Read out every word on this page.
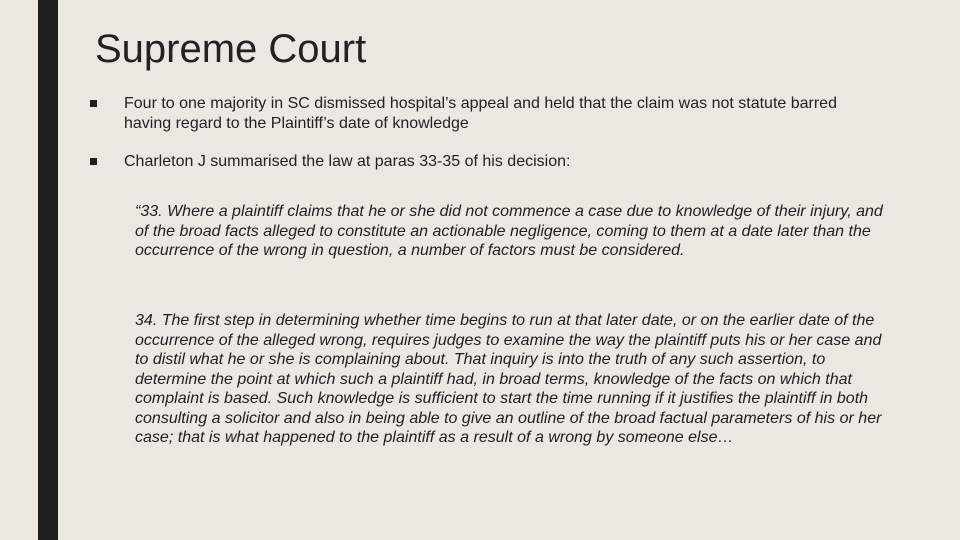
Supreme Court
Four to one majority in SC dismissed hospital’s appeal and held that the claim was not statute barred having regard to the Plaintiff’s date of knowledge
Charleton J summarised the law at paras 33-35 of his decision:
“33. Where a plaintiff claims that he or she did not commence a case due to knowledge of their injury, and of the broad facts alleged to constitute an actionable negligence, coming to them at a date later than the occurrence of the wrong in question, a number of factors must be considered.
34. The first step in determining whether time begins to run at that later date, or on the earlier date of the occurrence of the alleged wrong, requires judges to examine the way the plaintiff puts his or her case and to distil what he or she is complaining about. That inquiry is into the truth of any such assertion, to determine the point at which such a plaintiff had, in broad terms, knowledge of the facts on which that complaint is based. Such knowledge is sufficient to start the time running if it justifies the plaintiff in both consulting a solicitor and also in being able to give an outline of the broad factual parameters of his or her case; that is what happened to the plaintiff as a result of a wrong by someone else…
